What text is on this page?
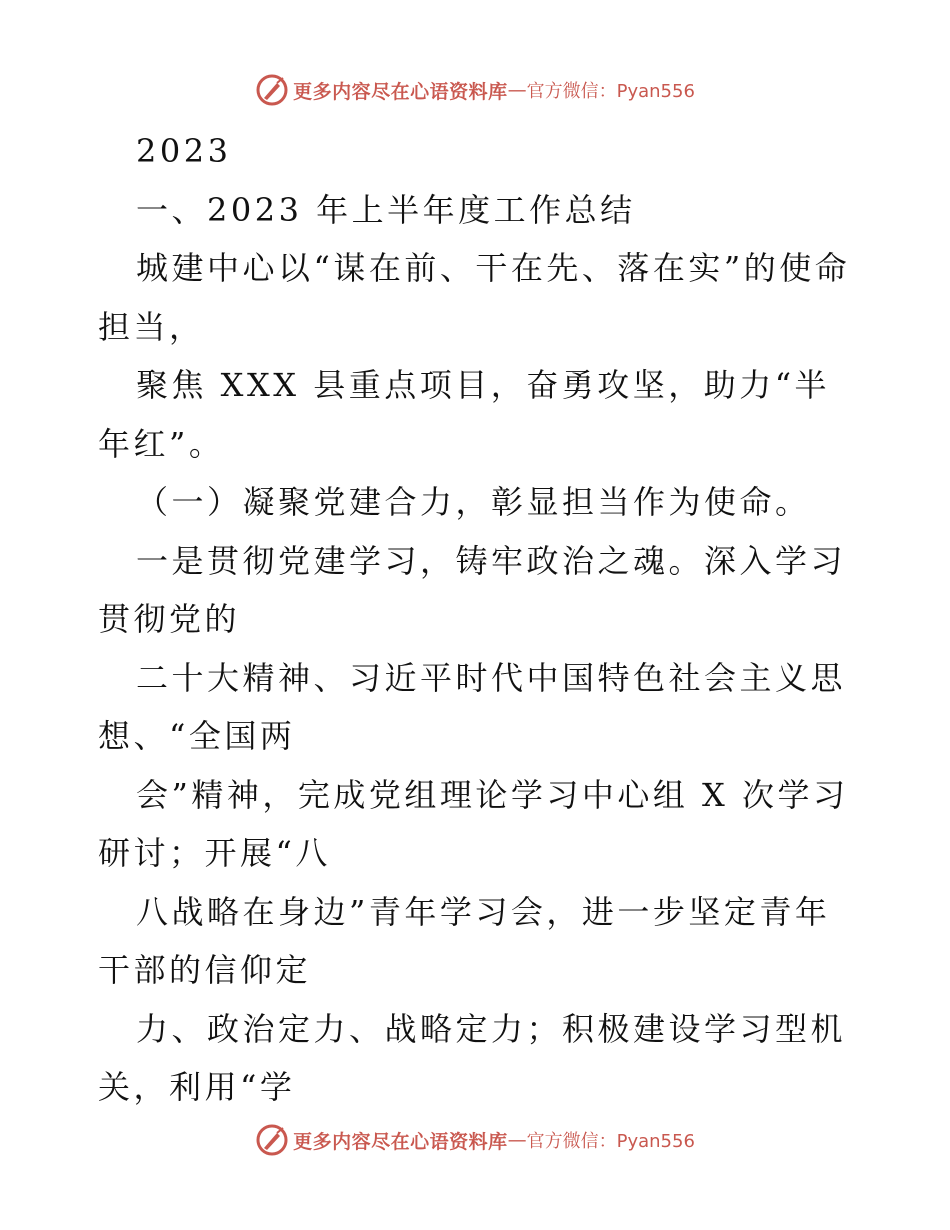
更多内容尽在心语资料库 — 官方微信：Pyan556

2023

一、2023 年上半年度工作总结

城建中心以“谋在前、干在先、落在实”的使命担当，

聚焦 XXX 县重点项目，奋勇攻坚，助力“半年红”。

（一）凝聚党建合力，彰显担当作为使命。

一是贯彻党建学习，铸牢政治之魂。深入学习贯彻党的

二十大精神、习近平时代中国特色社会主义思想、“全国两

会”精神，完成党组理论学习中心组 X 次学习研讨；开展“八

八战略在身边”青年学习会，进一步坚定青年干部的信仰定

力、政治定力、战略定力；积极建设学习型机关，利用“学

更多内容尽在心语资料库 — 官方微信：Pyan556
